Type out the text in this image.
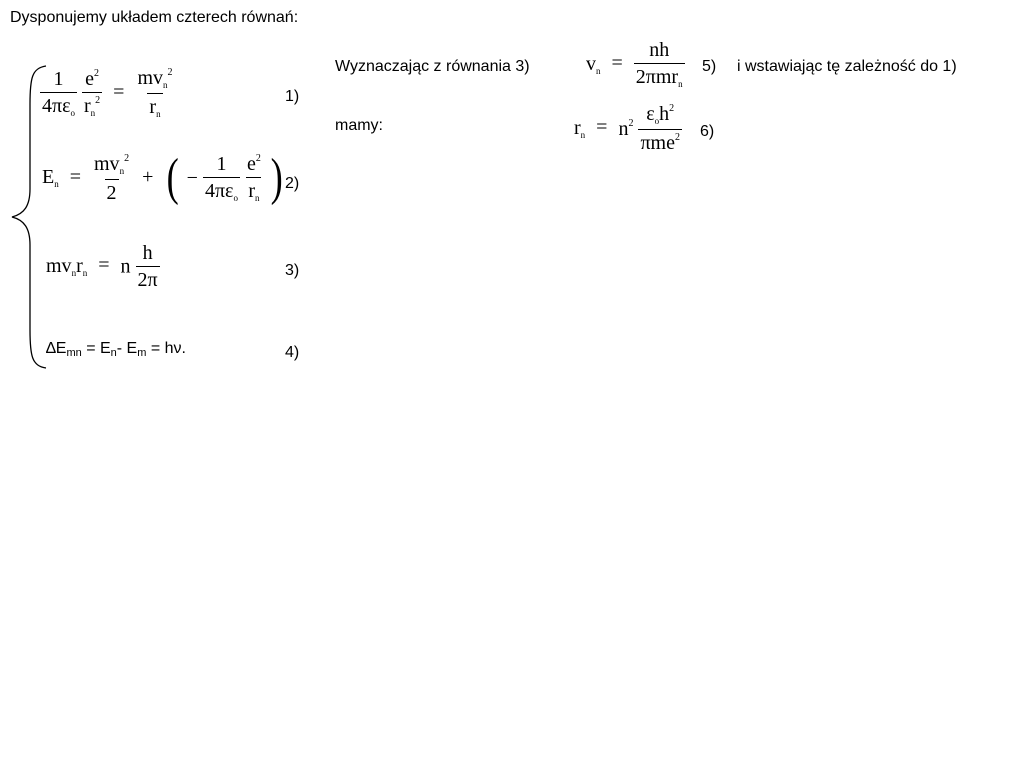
Dysponujemy układem czterech równań:
$\frac{1}{4\pi\varepsilon_o}$
$\frac{e^2}{r_n^2} = \frac{mv_n^2}{r_n}$	1)
$E_n = \frac{mv_n^2}{2}$ + ( − $\frac{1}{4\pi\varepsilon_o}$
$\frac{e^2}{r_n}$ ) 2)
$mv_nr_n = n \frac{h}{2\pi}$	3)
∆Emn = En- Em = hν.	4)
Wyznaczając z równania 3)	$v_n = \frac{nh}{2\pi mr_n} 5$) i wstawiając tę zależność do 1)
mamy:	$r_n = n^2 \frac{\varepsilon_oh^2}{\pi me^2} 6$)
